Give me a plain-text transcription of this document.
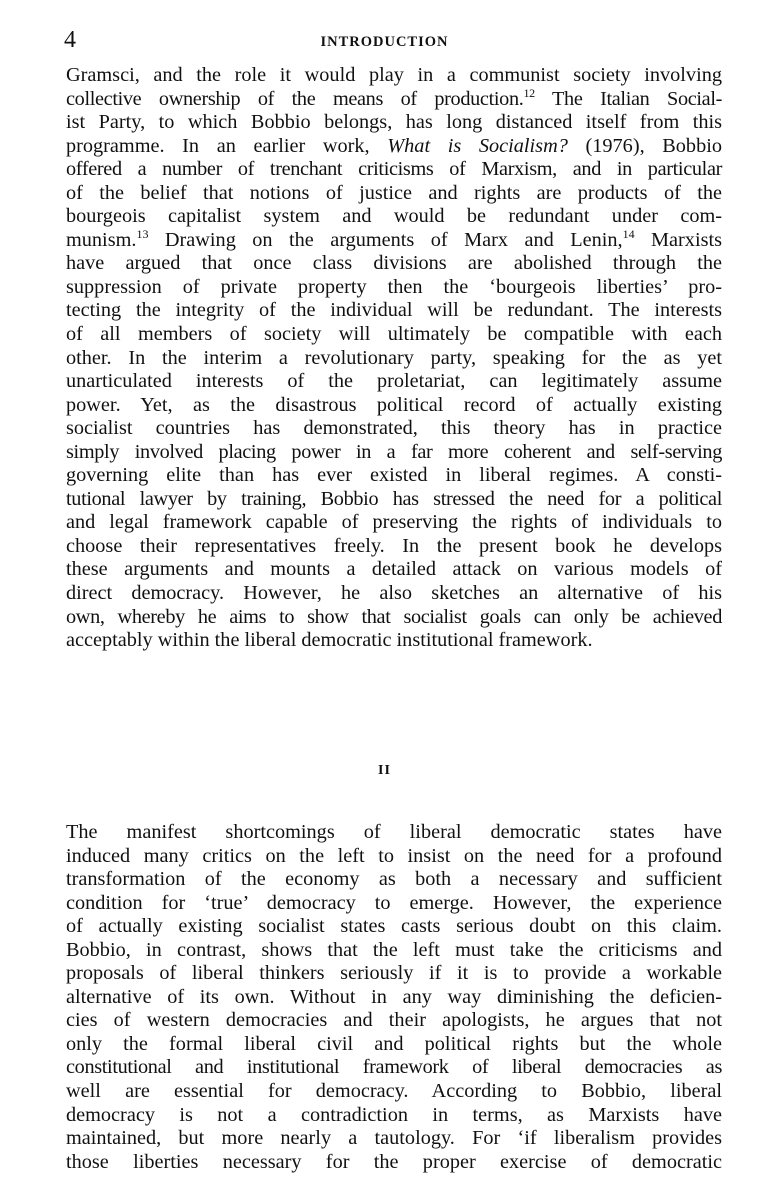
4	INTRODUCTION
Gramsci, and the role it would play in a communist society involving
collective ownership of the means of production.$^{12}$ The Italian Social-
ist Party, to which Bobbio belongs, has long distanced itself from this
programme. In an earlier work, What is Socialism? (1976), Bobbio
offered a number of trenchant criticisms of Marxism, and in particular
of the belief that notions of justice and rights are products of the
bourgeois capitalist system and would be redundant under com-
munism.$^{13}$ Drawing on the arguments of Marx and Lenin,$^{14}$ Marxists
have argued that once class divisions are abolished through the
suppression of private property then the ‘bourgeois liberties’ pro-
tecting the integrity of the individual will be redundant. The interests
of all members of society will ultimately be compatible with each
other. In the interim a revolutionary party, speaking for the as yet
unarticulated interests of the proletariat, can legitimately assume
power. Yet, as the disastrous political record of actually existing
socialist countries has demonstrated, this theory has in practice
simply involved placing power in a far more coherent and self-serving
governing elite than has ever existed in liberal regimes. A consti-
tutional lawyer by training, Bobbio has stressed the need for a political
and legal framework capable of preserving the rights of individuals to
choose their representatives freely. In the present book he develops
these arguments and mounts a detailed attack on various models of
direct democracy. However, he also sketches an alternative of his
own, whereby he aims to show that socialist goals can only be achieved
acceptably within the liberal democratic institutional framework.
II
The manifest shortcomings of liberal democratic states have
induced many critics on the left to insist on the need for a profound
transformation of the economy as both a necessary and sufficient
condition for ‘true’ democracy to emerge. However, the experience
of actually existing socialist states casts serious doubt on this claim.
Bobbio, in contrast, shows that the left must take the criticisms and
proposals of liberal thinkers seriously if it is to provide a workable
alternative of its own. Without in any way diminishing the deficien-
cies of western democracies and their apologists, he argues that not
only the formal liberal civil and political rights but the whole
constitutional and institutional framework of liberal democracies as
well are essential for democracy. According to Bobbio, liberal
democracy is not a contradiction in terms, as Marxists have
maintained, but more nearly a tautology. For ‘if liberalism provides
those liberties necessary for the proper exercise of democratic
